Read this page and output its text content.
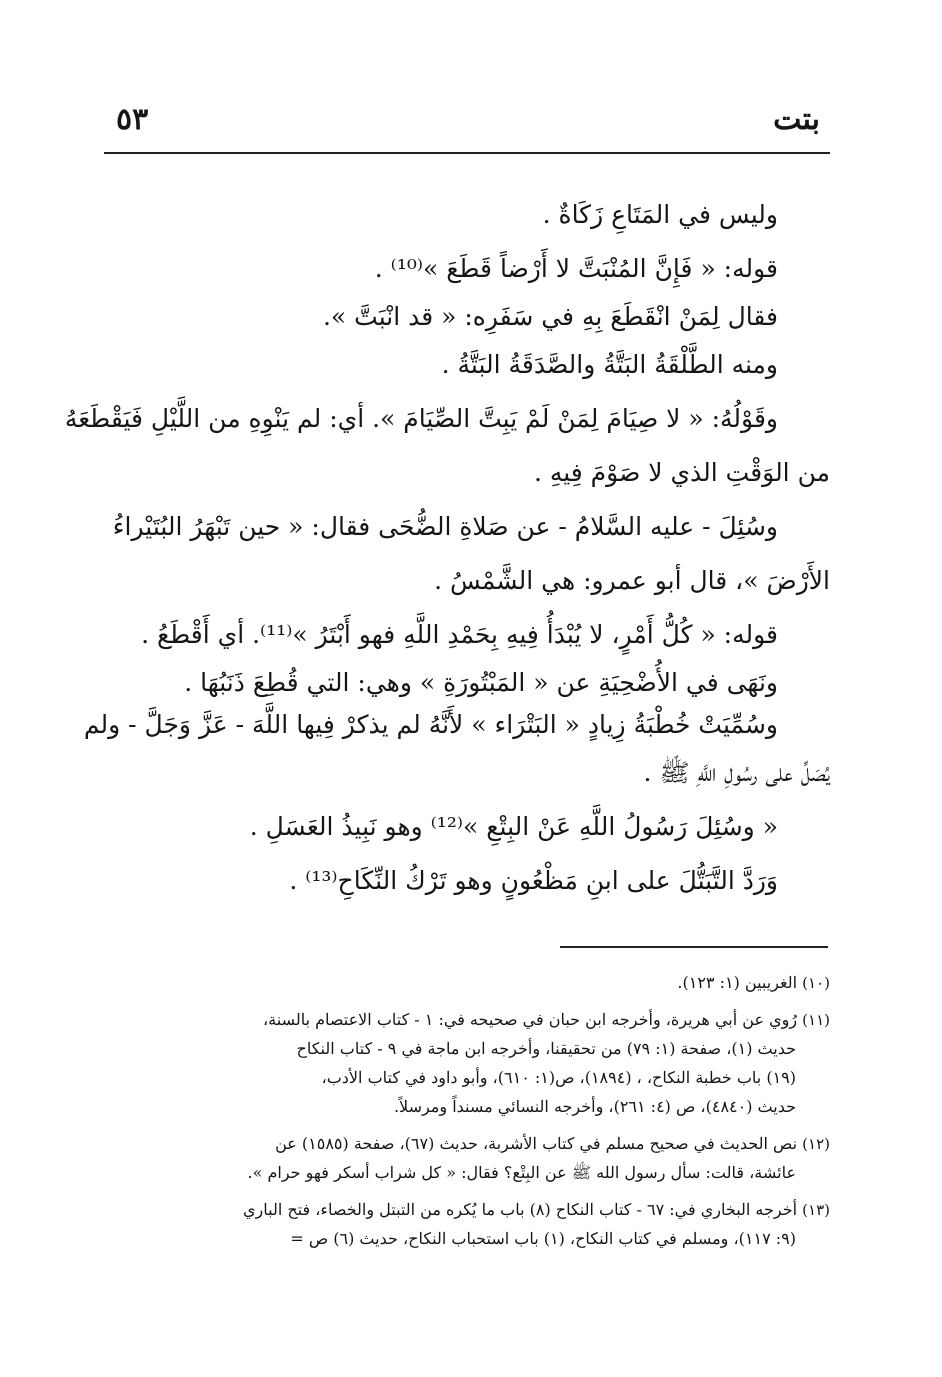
بتت
٥٣
وليس في المَتَاعِ زَكَاةٌ .
قوله: « فَإِنَّ المُنْبَتَّ لا أَرْضاً قَطَعَ »⁽¹⁰⁾ .
فقال لِمَنْ انْقَطَعَ بِهِ في سَفَرِه: « قد انْبَتَّ ».
ومنه الطَّلْقَةُ البَتَّةُ والصَّدَقَةُ البَتَّةُ .
وقَوْلُهُ: « لا صِيَامَ لِمَنْ لَمْ يَبِتَّ الصِّيَامَ ». أي: لم يَنْوِهِ من اللَّيْلِ فَيَقْطَعَهُ
من الوَقْتِ الذي لا صَوْمَ فِيهِ .
وسُئِلَ - عليه السَّلامُ - عن صَلاةِ الضُّحَى فقال: « حين تَبْهَرُ البُتَيْراءُ
الأَرْضَ »، قال أبو عمرو: هي الشَّمْسُ .
قوله: « كُلُّ أَمْرٍ، لا يُبْدَأُ فِيهِ بِحَمْدِ اللَّهِ فهو أَبْتَرُ »⁽¹¹⁾. أي أَقْطَعُ .
ونَهَى في الأُضْحِيَةِ عن « المَبْتُورَةِ » وهي: التي قُطِعَ ذَنَبُهَا .
وسُمِّيَتْ خُطْبَةُ زِيادٍ « البَتْرَاء » لأَنَّهُ لم يذكرْ فِيها اللَّهَ - عَزَّ وَجَلَّ - ولم
يُصَلِّ على رسُولِ اللَّهِ ﷺ .
« وسُئِلَ رَسُولُ اللَّهِ عَنْ البِتْعِ »⁽¹²⁾ وهو نَبِيذُ العَسَلِ .
وَرَدَّ التَّبَتُّلَ على ابنِ مَظْعُونٍ وهو تَرْكُ النِّكَاحِ⁽¹³⁾ .
(١٠) الغريبين (١: ١٢٣).
(١١) رُوي عن أبي هريرة، وأخرجه ابن حبان في صحيحه في: ١ - كتاب الاعتصام بالسنة،
حديث (١)، صفحة (١: ٧٩) من تحقيقنا، وأخرجه ابن ماجة في ٩ - كتاب النكاح
(١٩) باب خطبة النكاح، ، (١٨٩٤)، ص(١: ٦١٠)، وأبو داود في كتاب الأدب،
حديث (٤٨٤٠)، ص (٤: ٢٦١)، وأخرجه النسائي مسنداً ومرسلاً.
(١٢) نص الحديث في صحيح مسلم في كتاب الأشربة، حديث (٦٧)، صفحة (١٥٨٥) عن
عائشة، قالت: سأل رسول الله ﷺ عن البِتْع؟ فقال: « كل شراب أسكر فهو حرام ».
(١٣) أخرجه البخاري في: ٦٧ - كتاب النكاح (٨) باب ما يُكره من التبتل والخصاء، فتح الباري
(٩: ١١٧)، ومسلم في كتاب النكاح، (١) باب استحباب النكاح، حديث (٦) ص =
